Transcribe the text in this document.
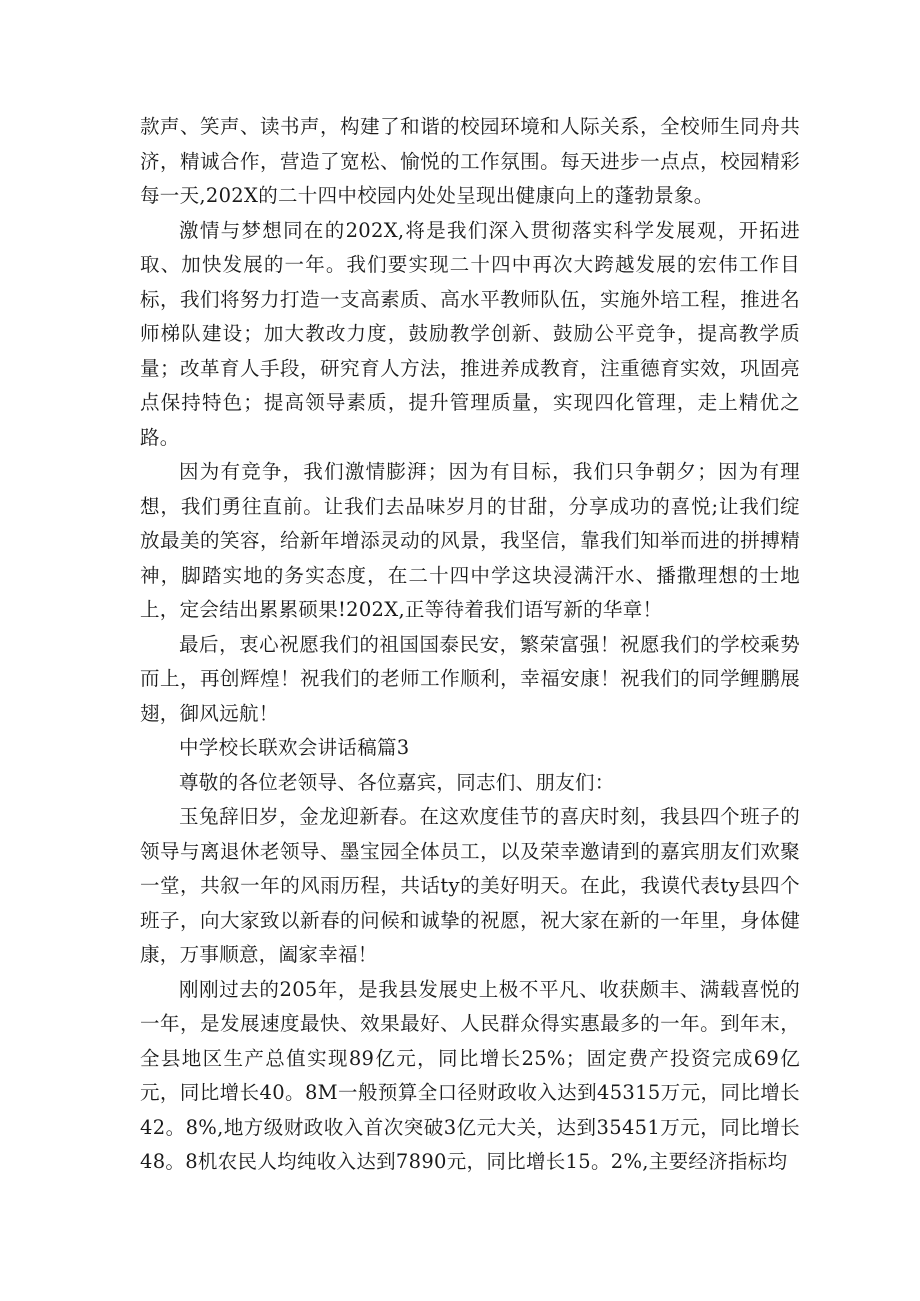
款声、笑声、读书声，构建了和谐的校园环境和人际关系，全校师生同舟共济，精诚合作，营造了宽松、愉悦的工作氛围。每天进步一点点，校园精彩每一天,202X的二十四中校园内处处呈现出健康向上的蓬勃景象。

激情与梦想同在的202X,将是我们深入贯彻落实科学发展观，开拓进取、加快发展的一年。我们要实现二十四中再次大跨越发展的宏伟工作目标，我们将努力打造一支高素质、高水平教师队伍，实施外培工程，推进名师梯队建设；加大教改力度，鼓励教学创新、鼓励公平竞争，提高教学质量；改革育人手段，研究育人方法，推进养成教育，注重德育实效，巩固亮点保持特色；提高领导素质，提升管理质量，实现四化管理，走上精优之路。

因为有竞争，我们激情膨湃；因为有目标，我们只争朝夕；因为有理想，我们勇往直前。让我们去品味岁月的甘甜，分享成功的喜悦;让我们绽放最美的笑容，给新年增添灵动的风景，我坚信，靠我们知举而进的拼搏精神，脚踏实地的务实态度，在二十四中学这块浸满汗水、播撒理想的士地上，定会结出累累硕果!202X,正等待着我们语写新的华章！

最后，衷心祝愿我们的祖国国泰民安，繁荣富强！祝愿我们的学校乘势而上，再创辉煌！祝我们的老师工作顺利，幸福安康！祝我们的同学鲤鹏展翅，御风远航！

中学校长联欢会讲话稿篇3

尊敬的各位老领导、各位嘉宾，同志们、朋友们：

玉兔辞旧岁，金龙迎新春。在这欢度佳节的喜庆时刻，我县四个班子的领导与离退休老领导、墨宝园全体员工，以及荣幸邀请到的嘉宾朋友们欢聚一堂，共叙一年的风雨历程，共话ty的美好明天。在此，我谟代表ty县四个班子，向大家致以新春的问候和诚挚的祝愿，祝大家在新的一年里，身体健康，万事顺意，阖家幸福！

刚刚过去的205年，是我县发展史上极不平凡、收获颇丰、满载喜悦的一年，是发展速度最快、效果最好、人民群众得实惠最多的一年。到年末，全县地区生产总值实现89亿元，同比增长25%；固定费产投资完成69亿元，同比增长40。8M一般预算全口径财政收入达到45315万元，同比增长42。8%,地方级财政收入首次突破3亿元大关，达到35451万元，同比增长48。8机农民人均纯收入达到7890元，同比增长15。2%,主要经济指标均
